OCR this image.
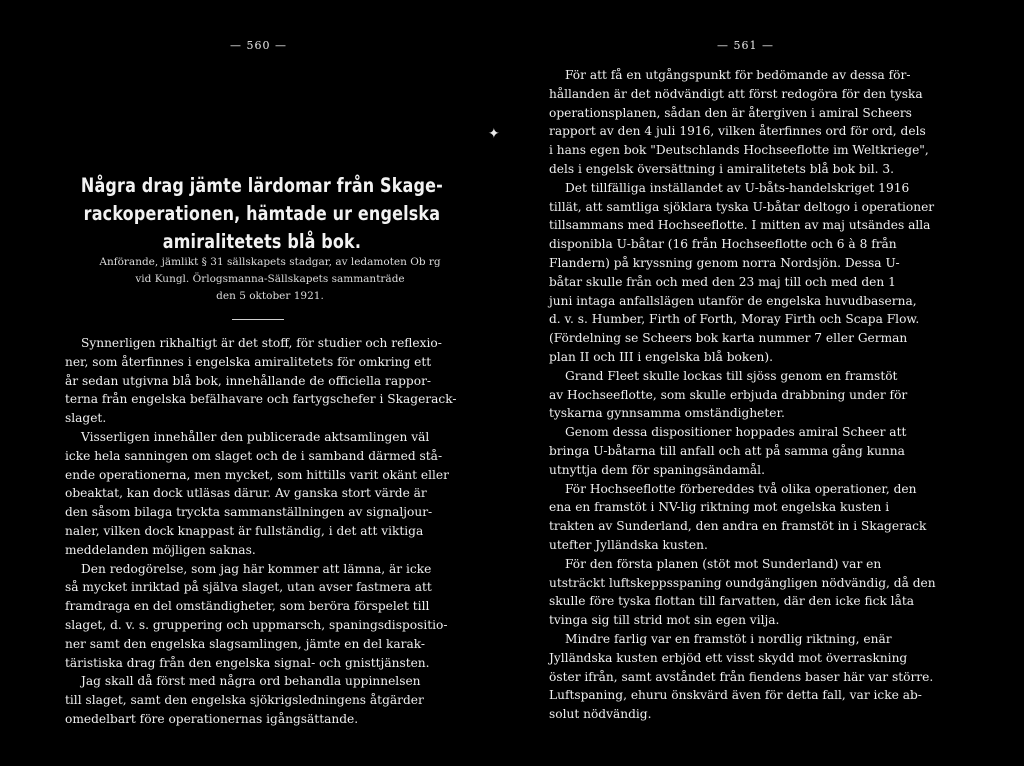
— 560 —
Några drag jämte lärdomar från Skage-
rackoperationen, hämtade ur engelska
amiralitetets blå bok.
Anförande, jämlikt § 31 sällskapets stadgar, av ledamoten Ob rg
vid Kungl. Örlogsmanna-Sällskapets sammanträde
den 5 oktober 1921.
Synnerligen rikhaltigt är det stoff, för studier och reflexio-
ner, som återfinnes i engelska amiralitetets för omkring ett
år sedan utgivna blå bok, innehållande de officiella rappor-
terna från engelska befälhavare och fartygschefer i Skagerack-
slaget.
Visserligen innehåller den publicerade aktsamlingen väl
icke hela sanningen om slaget och de i samband därmed stå-
ende operationerna, men mycket, som hittills varit okänt eller
obeaktat, kan dock utläsas därur. Av ganska stort värde är
den såsom bilaga tryckta sammanställningen av signaljour-
naler, vilken dock knappast är fullständig, i det att viktiga
meddelanden möjligen saknas.
Den redogörelse, som jag här kommer att lämna, är icke
så mycket inriktad på själva slaget, utan avser fastmera att
framdraga en del omständigheter, som beröra förspelet till
slaget, d. v. s. gruppering och uppmarsch, spaningsdispositio-
ner samt den engelska slagsamlingen, jämte en del karak-
täristiska drag från den engelska signal- och gnisttjänsten.
Jag skall då först med några ord behandla uppinnelsen
till slaget, samt den engelska sjökrigsledningens åtgärder
omedelbart före operationernas igångsättande.
✦
— 561 —
För att få en utgångspunkt för bedömande av dessa för-
hållanden är det nödvändigt att först redogöra för den tyska
operationsplanen, sådan den är återgiven i amiral Scheers
rapport av den 4 juli 1916, vilken återfinnes ord för ord, dels
i hans egen bok "Deutschlands Hochseeflotte im Weltkriege",
dels i engelsk översättning i amiralitetets blå bok bil. 3.
Det tillfälliga inställandet av U-båts-handelskriget 1916
tillät, att samtliga sjöklara tyska U-båtar deltogo i operationer
tillsammans med Hochseeflotte. I mitten av maj utsändes alla
disponibla U-båtar (16 från Hochseeflotte och 6 à 8 från
Flandern) på kryssning genom norra Nordsjön. Dessa U-
båtar skulle från och med den 23 maj till och med den 1
juni intaga anfallslägen utanför de engelska huvudbaserna,
d. v. s. Humber, Firth of Forth, Moray Firth och Scapa Flow.
(Fördelning se Scheers bok karta nummer 7 eller German
plan II och III i engelska blå boken).
Grand Fleet skulle lockas till sjöss genom en framstöt
av Hochseeflotte, som skulle erbjuda drabbning under för
tyskarna gynnsamma omständigheter.
Genom dessa dispositioner hoppades amiral Scheer att
bringa U-båtarna till anfall och att på samma gång kunna
utnyttja dem för spaningsändamål.
För Hochseeflotte förbereddes två olika operationer, den
ena en framstöt i NV-lig riktning mot engelska kusten i
trakten av Sunderland, den andra en framstöt in i Skagerack
utefter Jylländska kusten.
För den första planen (stöt mot Sunderland) var en
utsträckt luftskeppsspaning oundgängligen nödvändig, då den
skulle före tyska flottan till farvatten, där den icke fick låta
tvinga sig till strid mot sin egen vilja.
Mindre farlig var en framstöt i nordlig riktning, enär
Jylländska kusten erbjöd ett visst skydd mot överraskning
öster ifrån, samt avståndet från fiendens baser här var större.
Luftspaning, ehuru önskvärd även för detta fall, var icke ab-
solut nödvändig.
